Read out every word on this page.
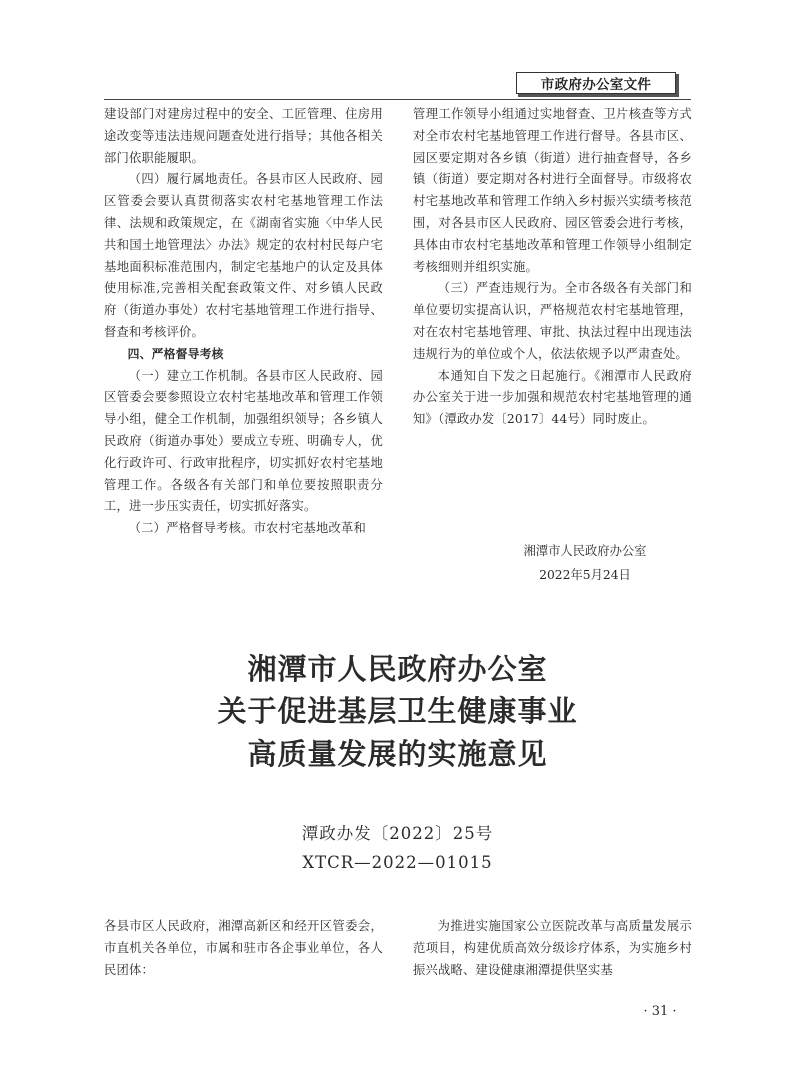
市政府办公室文件

建设部门对建房过程中的安全、工匠管理、住房用途改变等违法违规问题查处进行指导；其他各相关部门依职能履职。

（四）履行属地责任。各县市区人民政府、园区管委会要认真贯彻落实农村宅基地管理工作法律、法规和政策规定，在《湖南省实施〈中华人民共和国土地管理法〉办法》规定的农村村民每户宅基地面积标准范围内，制定宅基地户的认定及具体使用标准,完善相关配套政策文件、对乡镇人民政府（街道办事处）农村宅基地管理工作进行指导、督查和考核评价。

四、严格督导考核

（一）建立工作机制。各县市区人民政府、园区管委会要参照设立农村宅基地改革和管理工作领导小组，健全工作机制，加强组织领导；各乡镇人民政府（街道办事处）要成立专班、明确专人，优化行政许可、行政审批程序，切实抓好农村宅基地管理工作。各级各有关部门和单位要按照职责分工，进一步压实责任，切实抓好落实。

（二）严格督导考核。市农村宅基地改革和

管理工作领导小组通过实地督查、卫片核查等方式对全市农村宅基地管理工作进行督导。各县市区、园区要定期对各乡镇（街道）进行抽查督导，各乡镇（街道）要定期对各村进行全面督导。市级将农村宅基地改革和管理工作纳入乡村振兴实绩考核范围，对各县市区人民政府、园区管委会进行考核，具体由市农村宅基地改革和管理工作领导小组制定考核细则并组织实施。

（三）严查违规行为。全市各级各有关部门和单位要切实提高认识，严格规范农村宅基地管理，对在农村宅基地管理、审批、执法过程中出现违法违规行为的单位或个人，依法依规予以严肃查处。

本通知自下发之日起施行。《湘潭市人民政府办公室关于进一步加强和规范农村宅基地管理的通知》（潭政办发〔2017〕44号）同时废止。

湘潭市人民政府办公室
2022年5月24日
湘潭市人民政府办公室
关于促进基层卫生健康事业
高质量发展的实施意见
潭政办发〔2022〕25号
XTCR—2022—01015

各县市区人民政府，湘潭高新区和经开区管委会，市直机关各单位，市属和驻市各企事业单位，各人民团体：

为推进实施国家公立医院改革与高质量发展示范项目，构建优质高效分级诊疗体系，为实施乡村振兴战略、建设健康湘潭提供坚实基

· 31 ·
